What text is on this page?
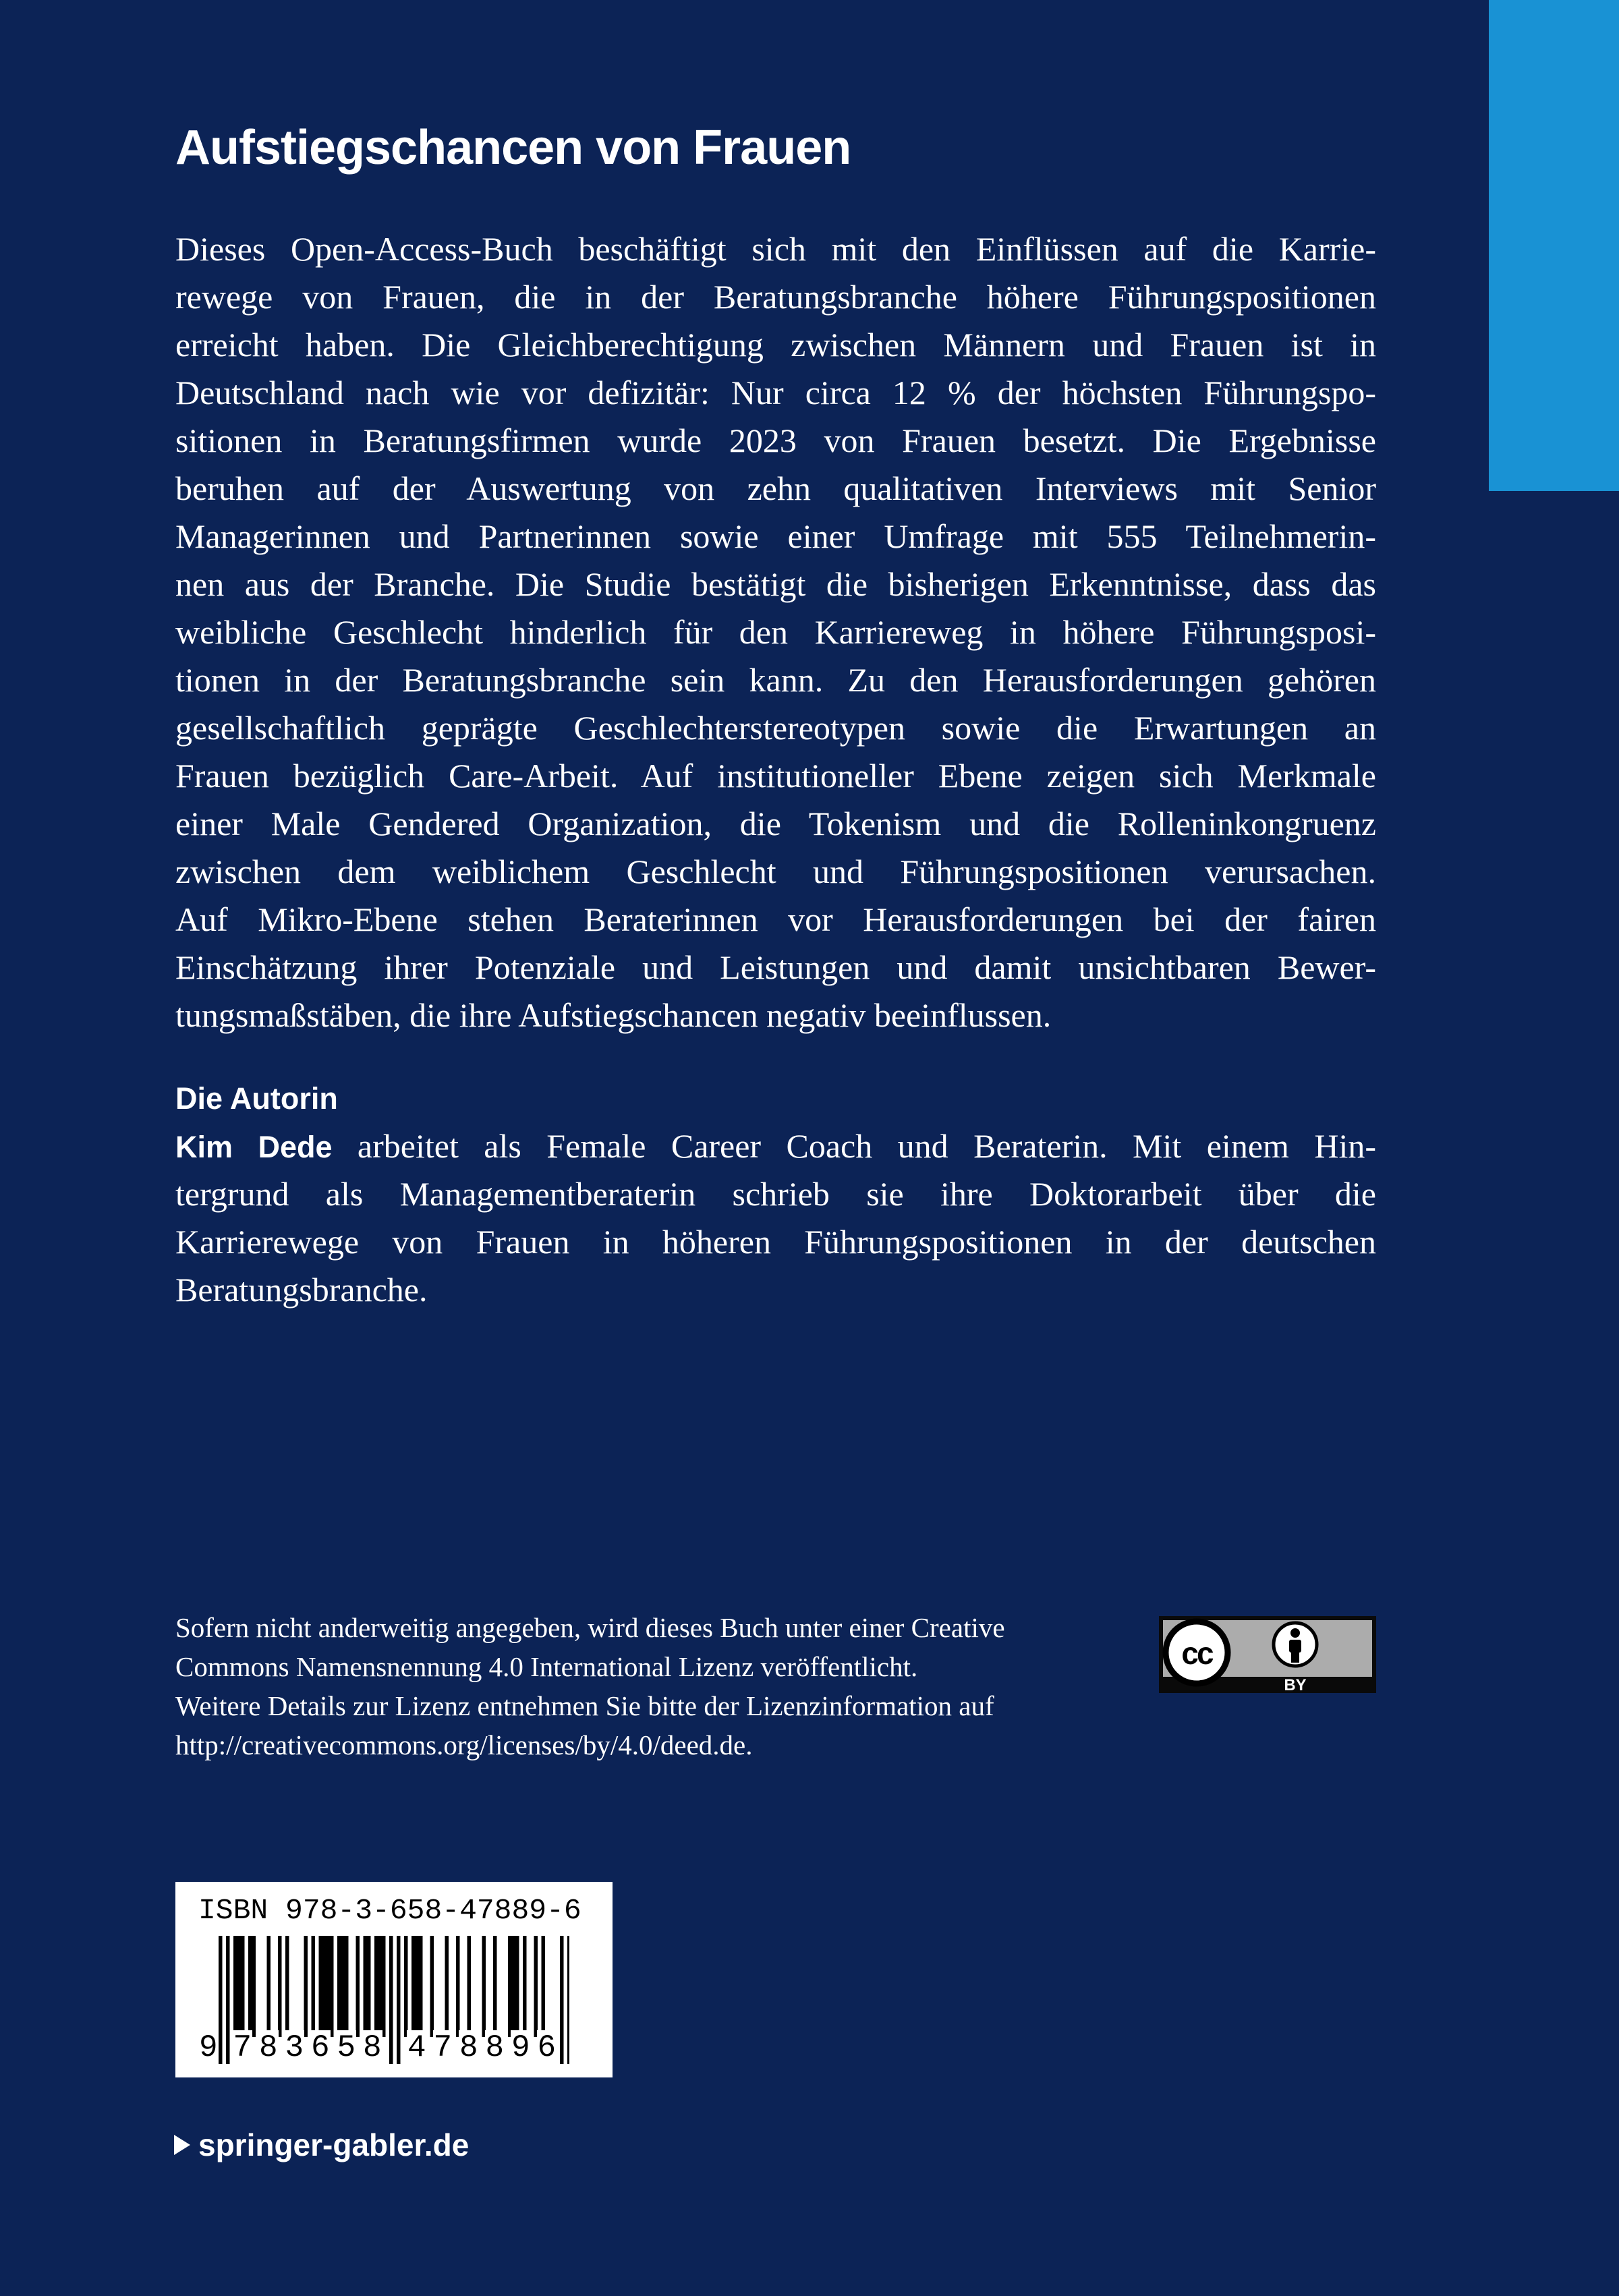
Aufstiegschancen von Frauen
Dieses Open-Access-Buch beschäftigt sich mit den Einflüssen auf die Karrie-
rewege von Frauen, die in der Beratungsbranche höhere Führungspositionen
erreicht haben. Die Gleichberechtigung zwischen Männern und Frauen ist in
Deutschland nach wie vor defizitär: Nur circa 12 % der höchsten Führungspo-
sitionen in Beratungsfirmen wurde 2023 von Frauen besetzt. Die Ergebnisse
beruhen auf der Auswertung von zehn qualitativen Interviews mit Senior
Managerinnen und Partnerinnen sowie einer Umfrage mit 555 Teilnehmerin-
nen aus der Branche. Die Studie bestätigt die bisherigen Erkenntnisse, dass das
weibliche Geschlecht hinderlich für den Karriereweg in höhere Führungsposi-
tionen in der Beratungsbranche sein kann. Zu den Herausforderungen gehören
gesellschaftlich geprägte Geschlechterstereotypen sowie die Erwartungen an
Frauen bezüglich Care-Arbeit. Auf institutioneller Ebene zeigen sich Merkmale
einer Male Gendered Organization, die Tokenism und die Rolleninkongruenz
zwischen dem weiblichem Geschlecht und Führungspositionen verursachen.
Auf Mikro-Ebene stehen Beraterinnen vor Herausforderungen bei der fairen
Einschätzung ihrer Potenziale und Leistungen und damit unsichtbaren Bewer-
tungsmaßstäben, die ihre Aufstiegschancen negativ beeinflussen.
Die Autorin
Kim Dede arbeitet als Female Career Coach und Beraterin. Mit einem Hin-
tergrund als Managementberaterin schrieb sie ihre Doktorarbeit über die
Karrierewege von Frauen in höheren Führungspositionen in der deutschen
Beratungsbranche.
Sofern nicht anderweitig angegeben, wird dieses Buch unter einer Creative
Commons Namensnennung 4.0 International Lizenz veröffentlicht.
Weitere Details zur Lizenz entnehmen Sie bitte der Lizenzinformation auf
http://creativecommons.org/licenses/by/4.0/deed.de.
cc
BY
ISBN 978-3-658-47889-6
9 7 8 3 6 5 8 4 7 8 8 9 6
springer-gabler.de
